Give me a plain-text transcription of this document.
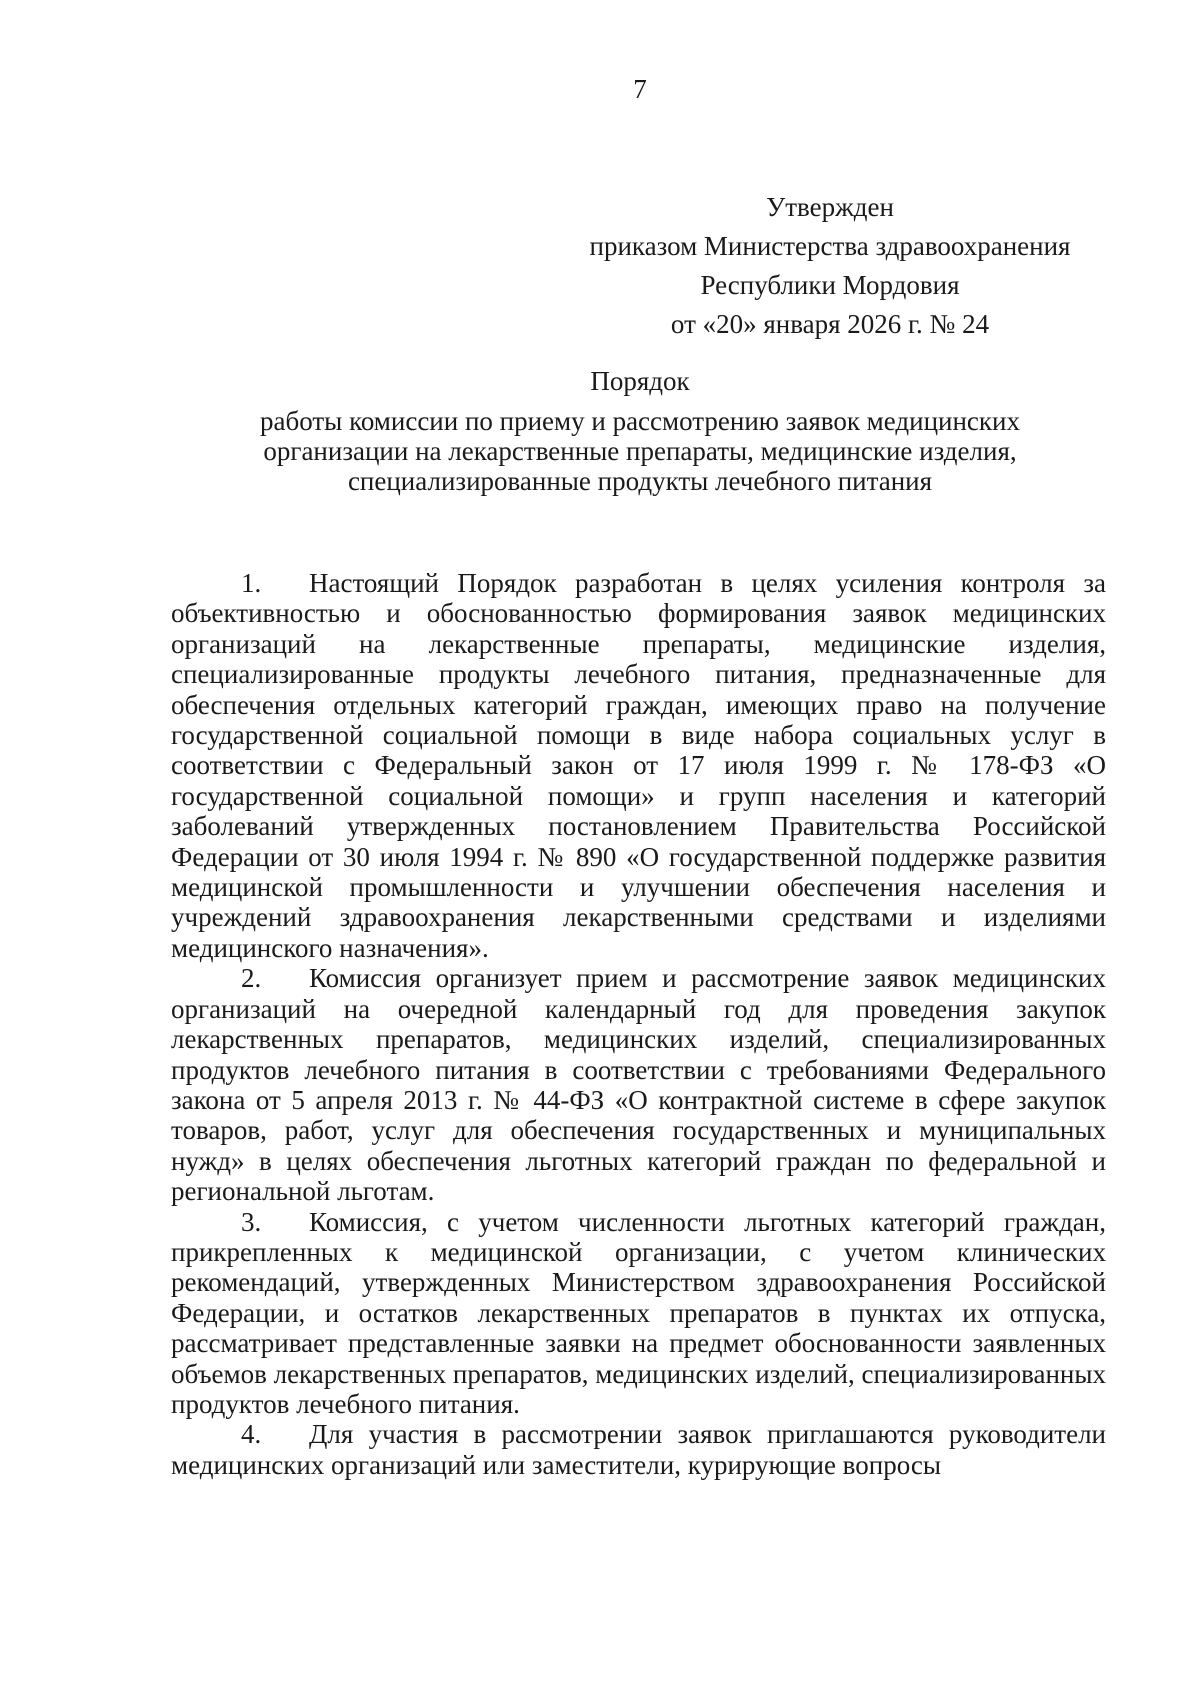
7
Утвержден
приказом Министерства здравоохранения
Республики Мордовия
от «20» января 2026 г. № 24
Порядок
работы комиссии по приему и рассмотрению заявок медицинских
организации на лекарственные препараты, медицинские изделия,
специализированные продукты лечебного питания

1. Настоящий Порядок разработан в целях усиления контроля за объективностью и обоснованностью формирования заявок медицинских организаций на лекарственные препараты, медицинские изделия, специализированные продукты лечебного питания, предназначенные для обеспечения отдельных категорий граждан, имеющих право на получение государственной социальной помощи в виде набора социальных услуг в соответствии с Федеральный закон от 17 июля 1999 г. № 178-ФЗ «О государственной социальной помощи» и групп населения и категорий заболеваний утвержденных постановлением Правительства Российской Федерации от 30 июля 1994 г. № 890 «О государственной поддержке развития медицинской промышленности и улучшении обеспечения населения и учреждений здравоохранения лекарственными средствами и изделиями медицинского назначения».

2. Комиссия организует прием и рассмотрение заявок медицинских организаций на очередной календарный год для проведения закупок лекарственных препаратов, медицинских изделий, специализированных продуктов лечебного питания в соответствии с требованиями Федерального закона от 5 апреля 2013 г. № 44-ФЗ «О контрактной системе в сфере закупок товаров, работ, услуг для обеспечения государственных и муниципальных нужд» в целях обеспечения льготных категорий граждан по федеральной и региональной льготам.

3. Комиссия, с учетом численности льготных категорий граждан, прикрепленных к медицинской организации, с учетом клинических рекомендаций, утвержденных Министерством здравоохранения Российской Федерации, и остатков лекарственных препаратов в пунктах их отпуска, рассматривает представленные заявки на предмет обоснованности заявленных объемов лекарственных препаратов, медицинских изделий, специализированных продуктов лечебного питания.

4. Для участия в рассмотрении заявок приглашаются руководители медицинских организаций или заместители, курирующие вопросы
